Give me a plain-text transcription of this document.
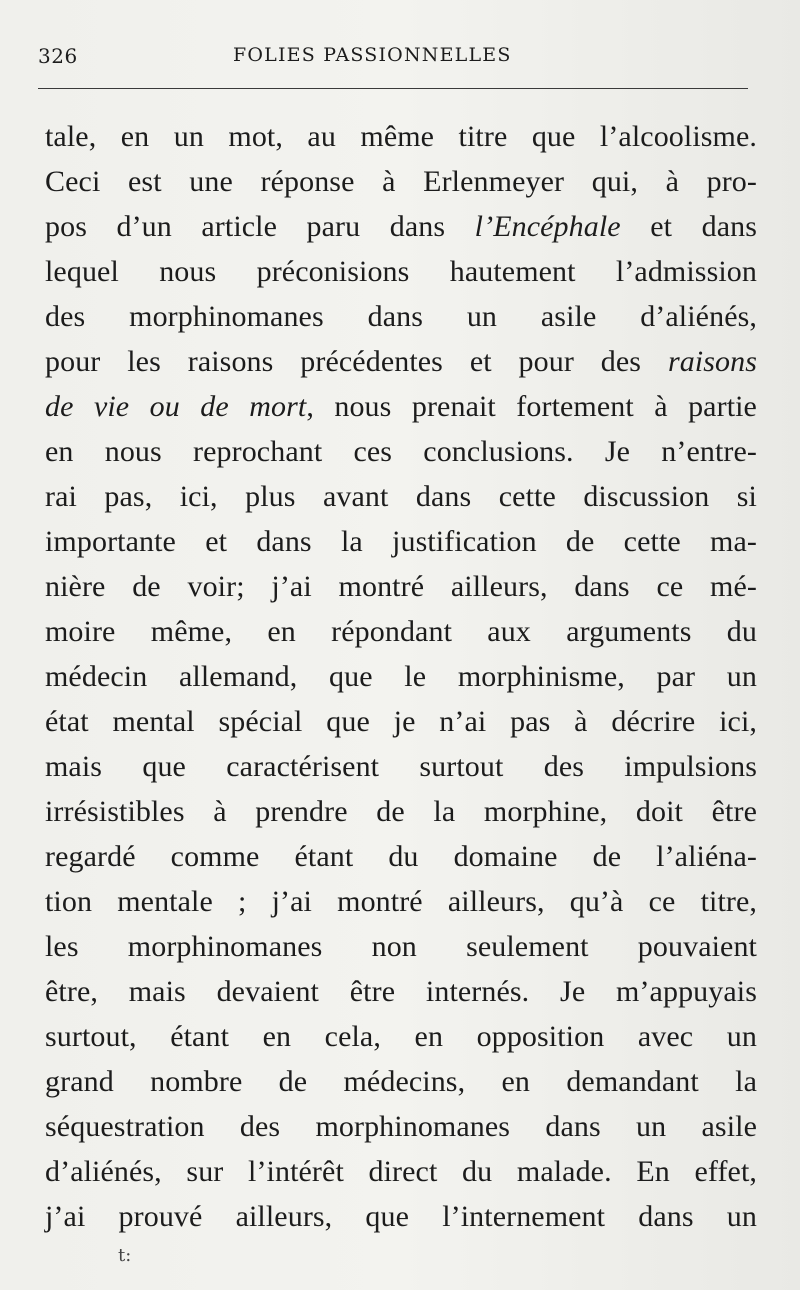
326	FOLIES PASSIONNELLES
tale, en un mot, au même titre que l’alcoolisme.
Ceci est une réponse à Erlenmeyer qui, à pro-
pos d’un article paru dans l’Encéphale et dans
lequel nous préconisions hautement l’admission
des morphinomanes dans un asile d’aliénés,
pour les raisons précédentes et pour des raisons
de vie ou de mort, nous prenait fortement à partie
en nous reprochant ces conclusions. Je n’entre-
rai pas, ici, plus avant dans cette discussion si
importante et dans la justification de cette ma-
nière de voir; j’ai montré ailleurs, dans ce mé-
moire même, en répondant aux arguments du
médecin allemand, que le morphinisme, par un
état mental spécial que je n’ai pas à décrire ici,
mais que caractérisent surtout des impulsions
irrésistibles à prendre de la morphine, doit être
regardé comme étant du domaine de l’aliéna-
tion mentale ; j’ai montré ailleurs, qu’à ce titre,
les morphinomanes non seulement pouvaient
être, mais devaient être internés. Je m’appuyais
surtout, étant en cela, en opposition avec un
grand nombre de médecins, en demandant la
séquestration des morphinomanes dans un asile
d’aliénés, sur l’intérêt direct du malade. En effet,
j’ai prouvé ailleurs, que l’internement dans un
t:
